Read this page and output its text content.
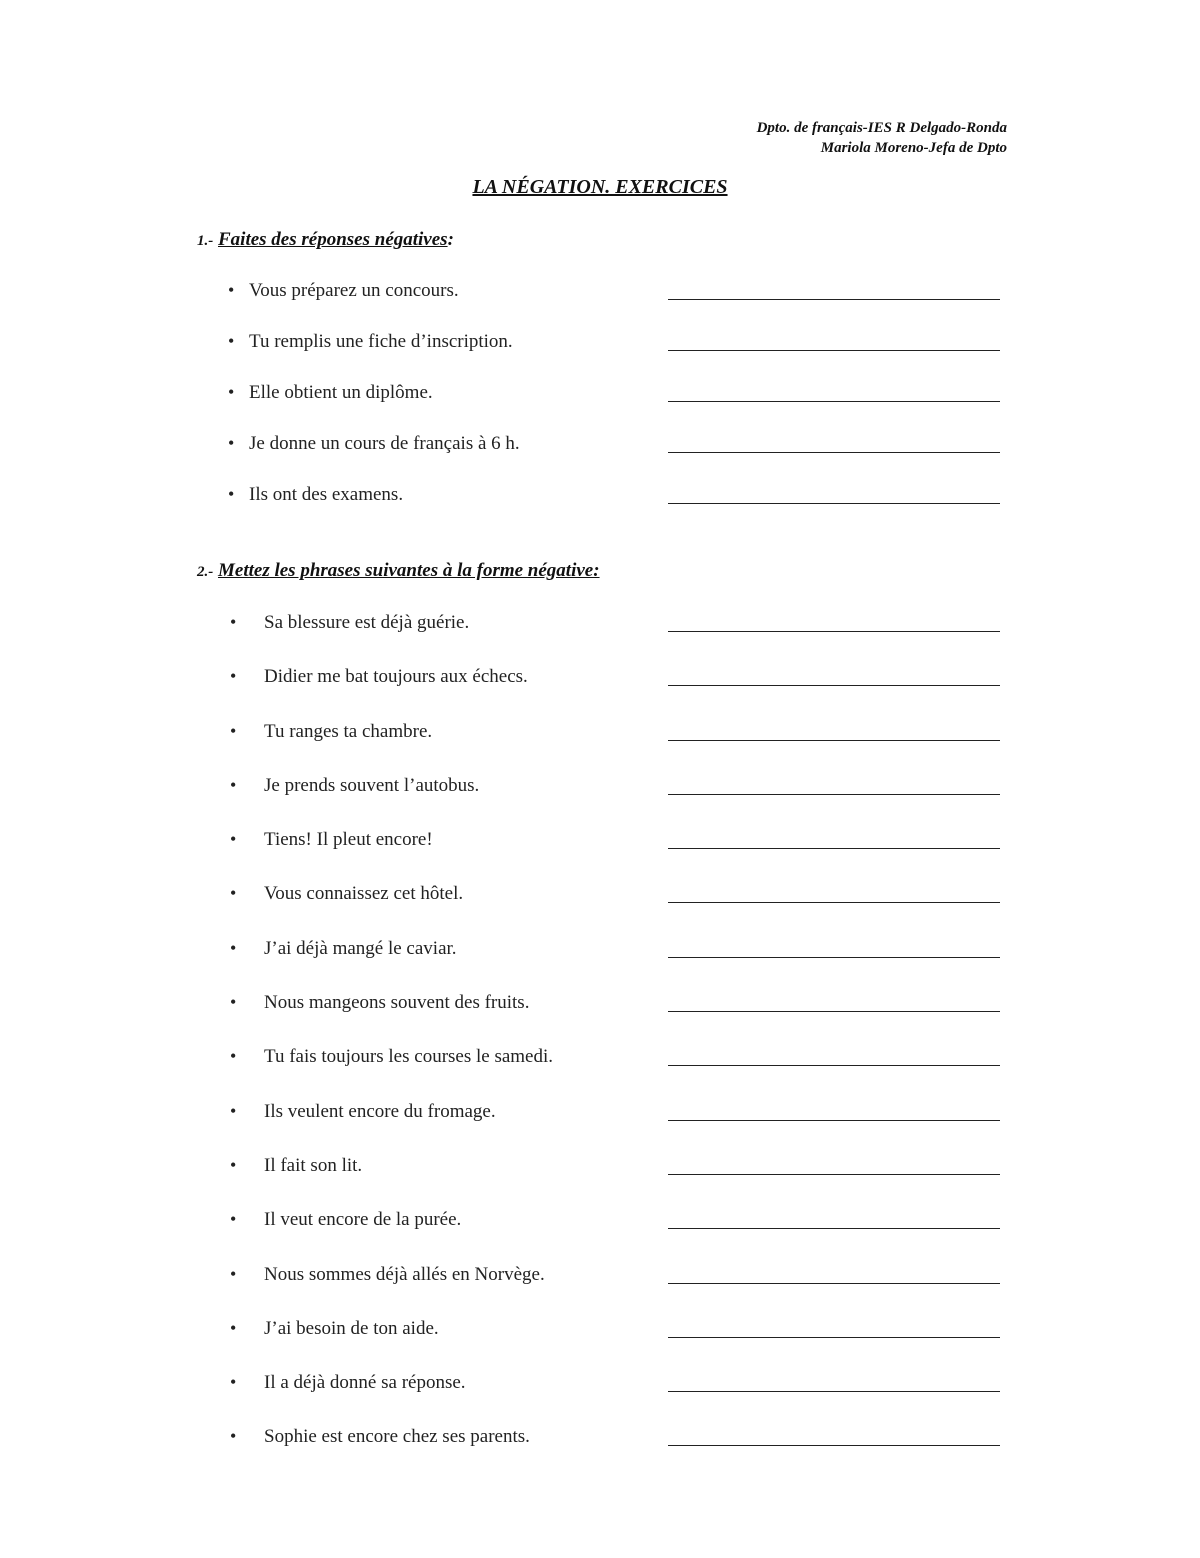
Dpto. de français-IES R Delgado-Ronda
Mariola Moreno-Jefa de Dpto
LA NÉGATION. EXERCICES
1.- Faites des réponses négatives:
• Vous préparez un concours.
• Tu remplis une fiche d’inscription.
• Elle obtient un diplôme.
• Je donne un cours de français à 6 h.
• Ils ont des examens.
2.- Mettez les phrases suivantes à la forme négative:
• Sa blessure est déjà guérie.
• Didier me bat toujours aux échecs.
• Tu ranges ta chambre.
• Je prends souvent l’autobus.
• Tiens! Il pleut encore!
• Vous connaissez cet hôtel.
• J’ai déjà mangé le caviar.
• Nous mangeons souvent des fruits.
• Tu fais toujours les courses le samedi.
• Ils veulent encore du fromage.
• Il fait son lit.
• Il veut encore de la purée.
• Nous sommes déjà allés en Norvège.
• J’ai besoin de ton aide.
• Il a déjà donné sa réponse.
• Sophie est encore chez ses parents.
